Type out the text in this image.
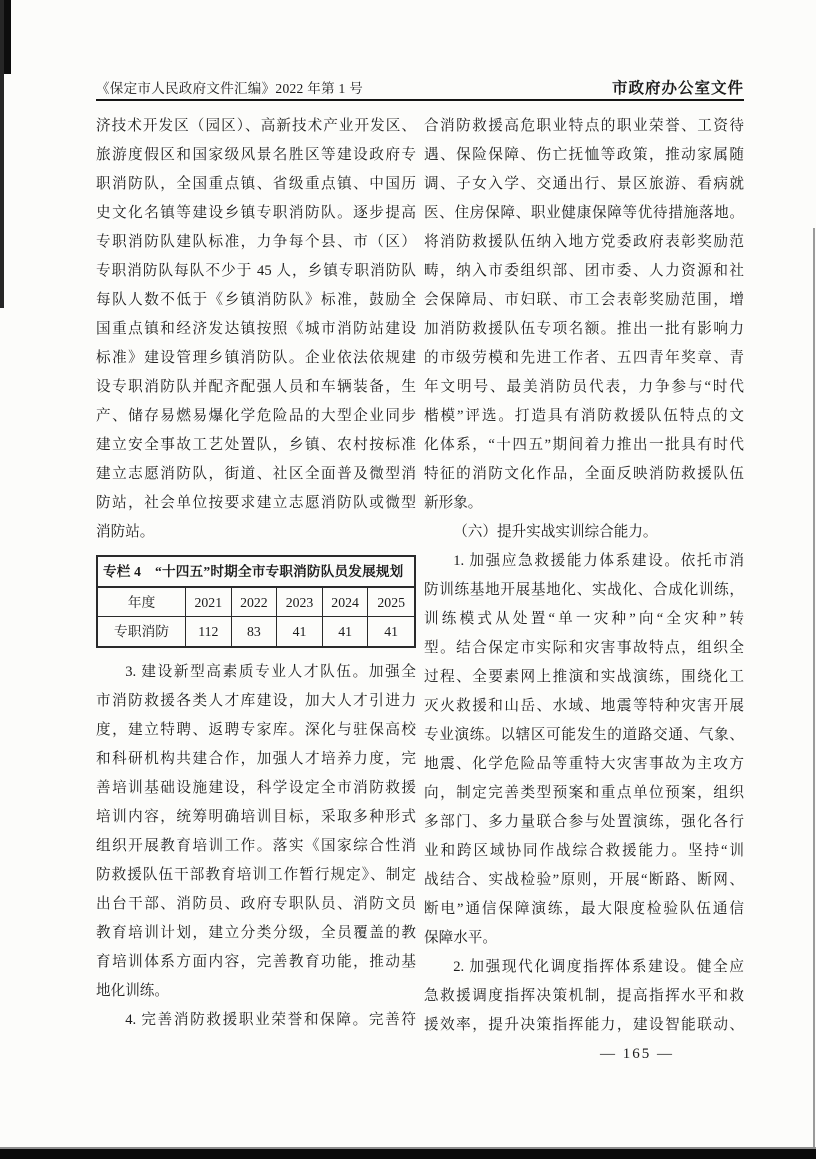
《保定市人民政府文件汇编》2022 年第 1 号	市政府办公室文件
济技术开发区（园区）、高新技术产业开发区、
旅游度假区和国家级风景名胜区等建设政府专
职消防队，全国重点镇、省级重点镇、中国历
史文化名镇等建设乡镇专职消防队。逐步提高
专职消防队建队标准，力争每个县、市（区）
专职消防队每队不少于 45 人，乡镇专职消防队
每队人数不低于《乡镇消防队》标准，鼓励全
国重点镇和经济发达镇按照《城市消防站建设
标准》建设管理乡镇消防队。企业依法依规建
设专职消防队并配齐配强人员和车辆装备，生
产、储存易燃易爆化学危险品的大型企业同步
建立安全事故工艺处置队，乡镇、农村按标准
建立志愿消防队，街道、社区全面普及微型消
防站，社会单位按要求建立志愿消防队或微型
消防站。
专栏 4　“十四五”时期全市专职消防队员发展规划
年度	2021	2022	2023	2024	2025
专职消防	112	83	41	41	41
3. 建设新型高素质专业人才队伍。加强全
市消防救援各类人才库建设，加大人才引进力
度，建立特聘、返聘专家库。深化与驻保高校
和科研机构共建合作，加强人才培养力度，完
善培训基础设施建设，科学设定全市消防救援
培训内容，统筹明确培训目标，采取多种形式
组织开展教育培训工作。落实《国家综合性消
防救援队伍干部教育培训工作暂行规定》、制定
出台干部、消防员、政府专职队员、消防文员
教育培训计划，建立分类分级，全员覆盖的教
育培训体系方面内容，完善教育功能，推动基
地化训练。
4. 完善消防救援职业荣誉和保障。完善符
合消防救援高危职业特点的职业荣誉、工资待
遇、保险保障、伤亡抚恤等政策，推动家属随
调、子女入学、交通出行、景区旅游、看病就
医、住房保障、职业健康保障等优待措施落地。
将消防救援队伍纳入地方党委政府表彰奖励范
畴，纳入市委组织部、团市委、人力资源和社
会保障局、市妇联、市工会表彰奖励范围，增
加消防救援队伍专项名额。推出一批有影响力
的市级劳模和先进工作者、五四青年奖章、青
年文明号、最美消防员代表，力争参与“时代
楷模”评选。打造具有消防救援队伍特点的文
化体系，“十四五”期间着力推出一批具有时代
特征的消防文化作品，全面反映消防救援队伍
新形象。
（六）提升实战实训综合能力。
1. 加强应急救援能力体系建设。依托市消
防训练基地开展基地化、实战化、合成化训练，
训练模式从处置“单一灾种”向“全灾种”转
型。结合保定市实际和灾害事故特点，组织全
过程、全要素网上推演和实战演练，围绕化工
灭火救援和山岳、水域、地震等特种灾害开展
专业演练。以辖区可能发生的道路交通、气象、
地震、化学危险品等重特大灾害事故为主攻方
向，制定完善类型预案和重点单位预案，组织
多部门、多力量联合参与处置演练，强化各行
业和跨区域协同作战综合救援能力。坚持“训
战结合、实战检验”原则，开展“断路、断网、
断电”通信保障演练，最大限度检验队伍通信
保障水平。
2. 加强现代化调度指挥体系建设。健全应
急救援调度指挥决策机制，提高指挥水平和救
援效率，提升决策指挥能力，建设智能联动、
— 165 —
